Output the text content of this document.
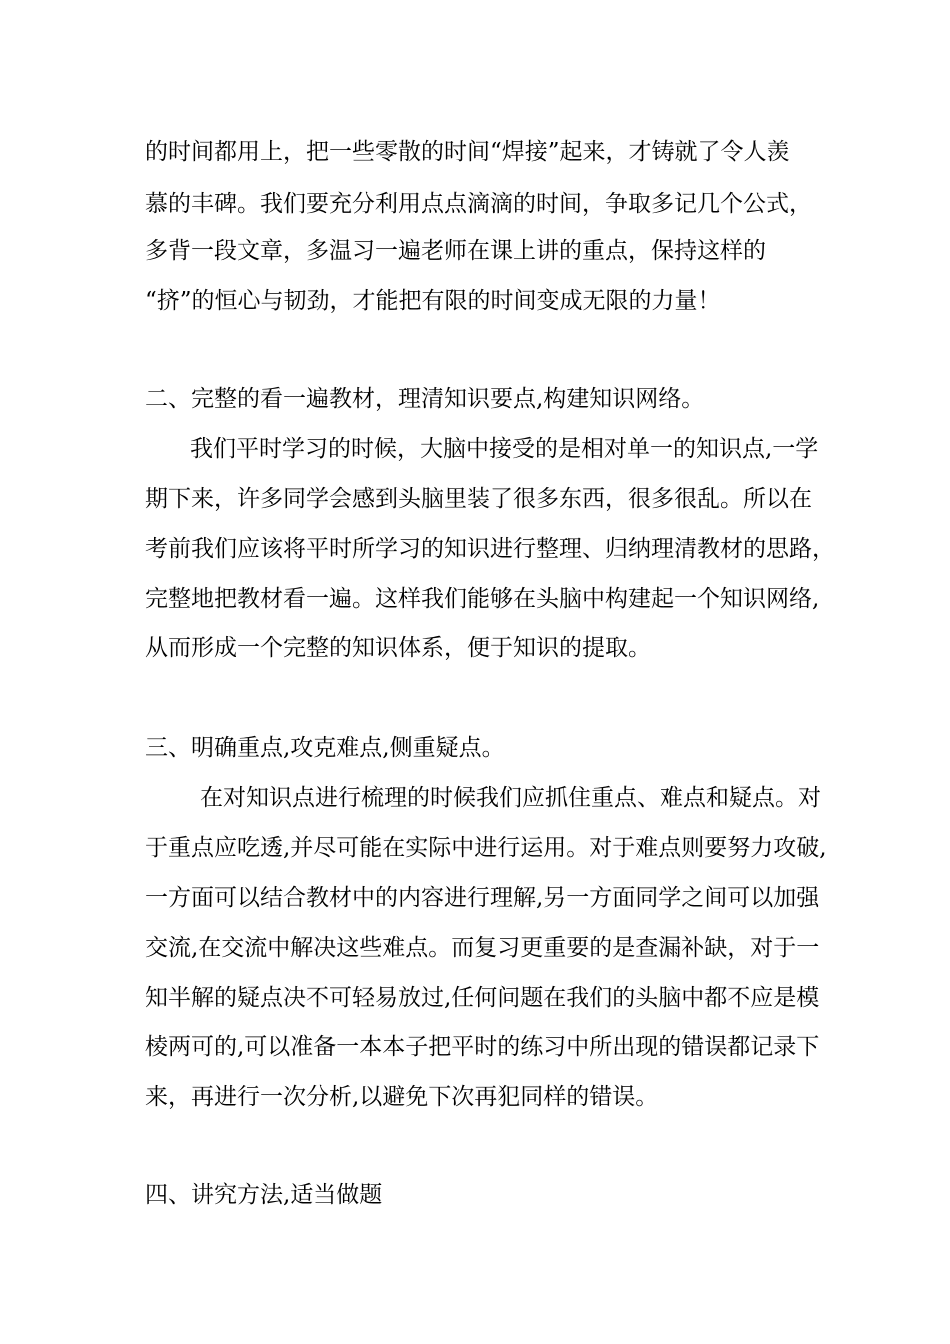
的时间都用上，把一些零散的时间“焊接”起来，才铸就了令人羡
慕的丰碑。我们要充分利用点点滴滴的时间，争取多记几个公式，
多背一段文章，多温习一遍老师在课上讲的重点，保持这样的
“挤”的恒心与韧劲，才能把有限的时间变成无限的力量！
二、完整的看一遍教材，理清知识要点,构建知识网络。
我们平时学习的时候，大脑中接受的是相对单一的知识点,一学
期下来，许多同学会感到头脑里装了很多东西，很多很乱。所以在
考前我们应该将平时所学习的知识进行整理、归纳理清教材的思路，
完整地把教材看一遍。这样我们能够在头脑中构建起一个知识网络,
从而形成一个完整的知识体系，便于知识的提取。
三、明确重点,攻克难点,侧重疑点。
在对知识点进行梳理的时候我们应抓住重点、难点和疑点。对
于重点应吃透,并尽可能在实际中进行运用。对于难点则要努力攻破,
一方面可以结合教材中的内容进行理解,另一方面同学之间可以加强
交流,在交流中解决这些难点。而复习更重要的是查漏补缺，对于一
知半解的疑点决不可轻易放过,任何问题在我们的头脑中都不应是模
棱两可的,可以准备一本本子把平时的练习中所出现的错误都记录下
来，再进行一次分析,以避免下次再犯同样的错误。
四、讲究方法,适当做题
